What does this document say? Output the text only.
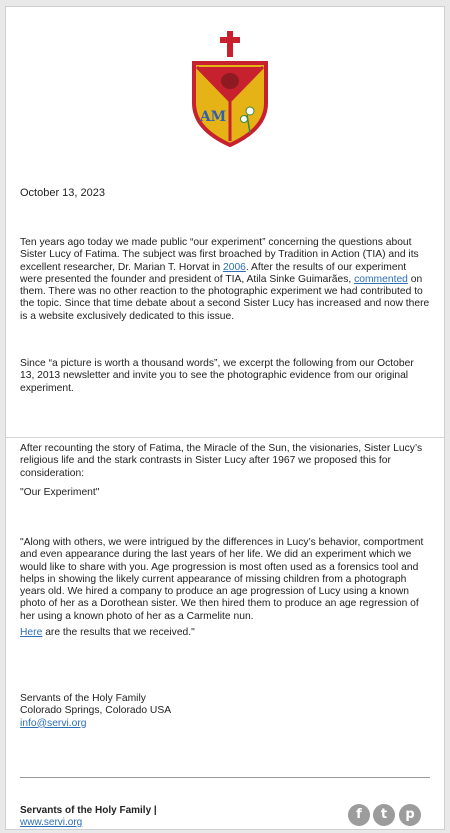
AM

October 13, 2023

Ten years ago today we made public “our experiment” concerning the questions about Sister Lucy of Fatima. The subject was first broached by Tradition in Action (TIA) and its excellent researcher, Dr. Marian T. Horvat in 2006. After the results of our experiment were presented the founder and president of TIA, Atila Sinke Guimarães, commented on them. There was no other reaction to the photographic experiment we had contributed to the topic. Since that time debate about a second Sister Lucy has increased and now there is a website exclusively dedicated to this issue.

Since “a picture is worth a thousand words”, we excerpt the following from our October 13, 2013 newsletter and invite you to see the photographic evidence from our original experiment.

After recounting the story of Fatima, the Miracle of the Sun, the visionaries, Sister Lucy’s religious life and the stark contrasts in Sister Lucy after 1967 we proposed this for consideration:

"Our Experiment"

"Along with others, we were intrigued by the differences in Lucy’s behavior, comportment and even appearance during the last years of her life. We did an experiment which we would like to share with you. Age progression is most often used as a forensics tool and helps in showing the likely current appearance of missing children from a photograph years old. We hired a company to produce an age progression of Lucy using a known photo of her as a Dorothean sister. We then hired them to produce an age regression of her using a known photo of her as a Carmelite nun.

Here are the results that we received."

Servants of the Holy Family
Colorado Springs, Colorado USA
info@servi.org

Servants of the Holy Family |
www.servi.org
f	t	p
